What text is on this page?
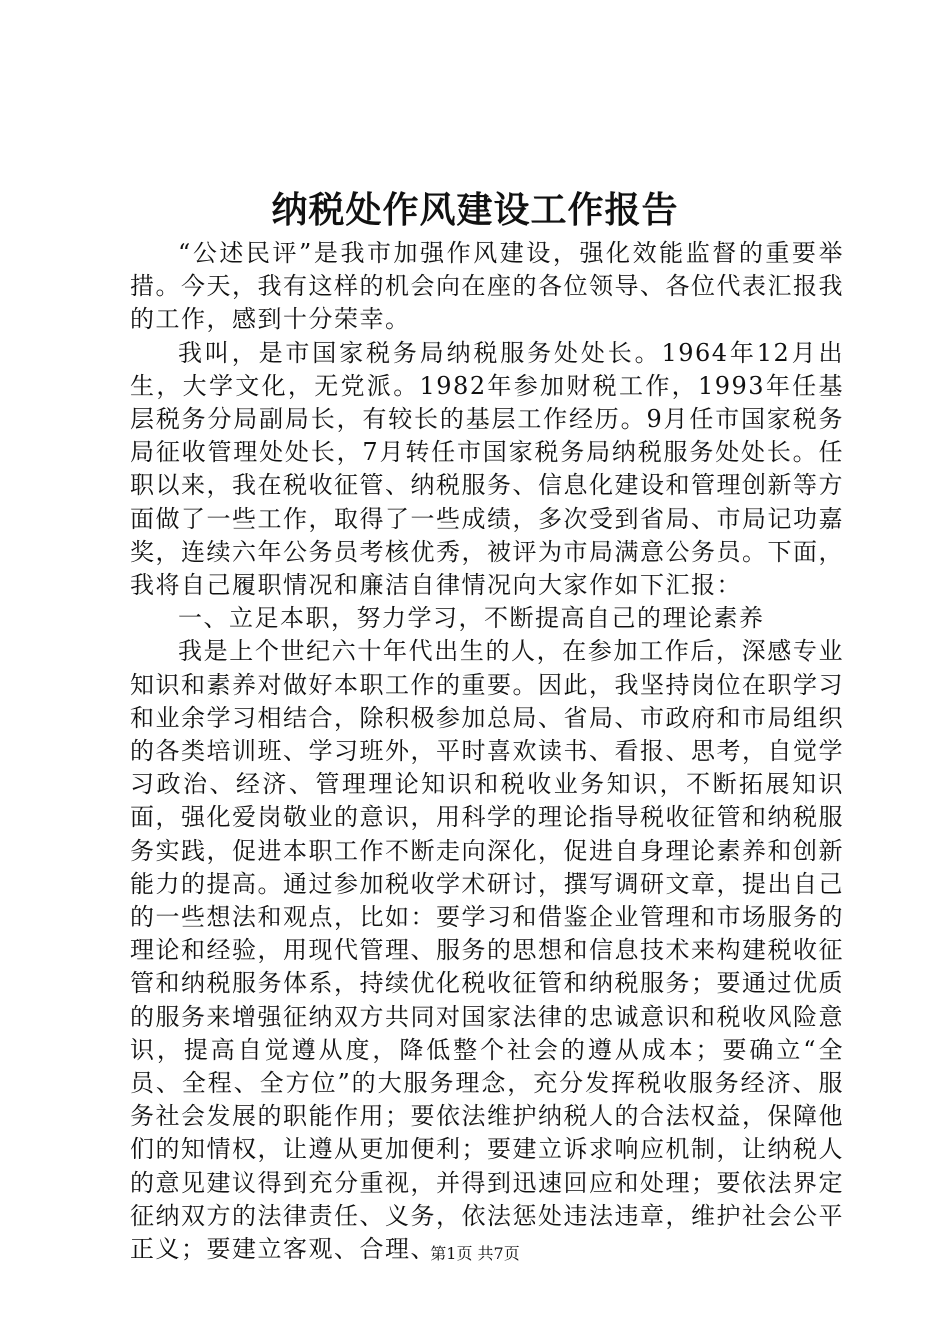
纳税处作风建设工作报告

“公述民评”是我市加强作风建设，强化效能监督的重要举措。今天，我有这样的机会向在座的各位领导、各位代表汇报我的工作，感到十分荣幸。

我叫，是市国家税务局纳税服务处处长。1964年12月出生，大学文化，无党派。1982年参加财税工作，1993年任基层税务分局副局长，有较长的基层工作经历。9月任市国家税务局征收管理处处长，7月转任市国家税务局纳税服务处处长。任职以来，我在税收征管、纳税服务、信息化建设和管理创新等方面做了一些工作，取得了一些成绩，多次受到省局、市局记功嘉奖，连续六年公务员考核优秀，被评为市局满意公务员。下面，我将自己履职情况和廉洁自律情况向大家作如下汇报：

一、立足本职，努力学习，不断提高自己的理论素养

我是上个世纪六十年代出生的人，在参加工作后，深感专业知识和素养对做好本职工作的重要。因此，我坚持岗位在职学习和业余学习相结合，除积极参加总局、省局、市政府和市局组织的各类培训班、学习班外，平时喜欢读书、看报、思考，自觉学习政治、经济、管理理论知识和税收业务知识，不断拓展知识面，强化爱岗敬业的意识，用科学的理论指导税收征管和纳税服务实践，促进本职工作不断走向深化，促进自身理论素养和创新能力的提高。通过参加税收学术研讨，撰写调研文章，提出自己的一些想法和观点，比如：要学习和借鉴企业管理和市场服务的理论和经验，用现代管理、服务的思想和信息技术来构建税收征管和纳税服务体系，持续优化税收征管和纳税服务；要通过优质的服务来增强征纳双方共同对国家法律的忠诚意识和税收风险意识，提高自觉遵从度，降低整个社会的遵从成本；要确立“全员、全程、全方位”的大服务理念，充分发挥税收服务经济、服务社会发展的职能作用；要依法维护纳税人的合法权益，保障他们的知情权，让遵从更加便利；要建立诉求响应机制，让纳税人的意见建议得到充分重视，并得到迅速回应和处理；要依法界定征纳双方的法律责任、义务，依法惩处违法违章，维护社会公平正义；要建立客观、合理、

第1页 共7页
